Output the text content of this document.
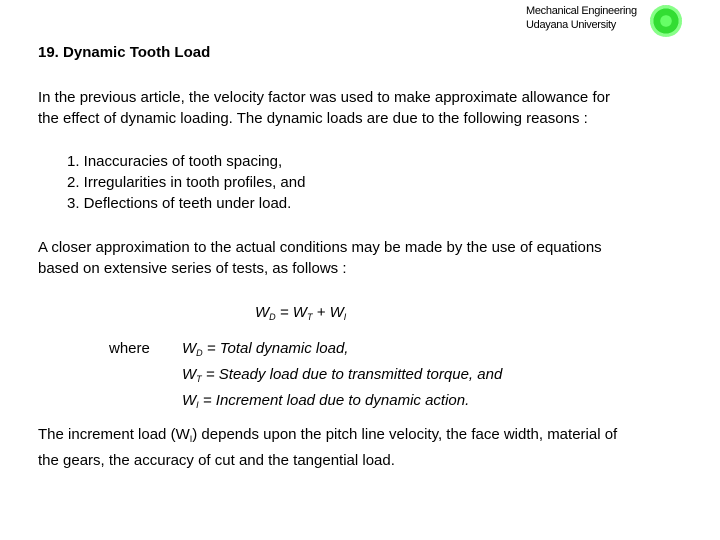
Mechanical Engineering
Udayana University
19. Dynamic Tooth Load
In the previous article, the velocity factor was used to make approximate allowance for
the effect of dynamic loading. The dynamic loads are due to the following reasons :
1. Inaccuracies of tooth spacing,
2. Irregularities in tooth profiles, and
3. Deflections of teeth under load.
A closer approximation to the actual conditions may be made by the use of equations
based on extensive series of tests, as follows :
$W_D = W_T + W_I$
where $W_D$ = Total dynamic load,
$W_T$ = Steady load due to transmitted torque, and
$W_I$ = Increment load due to dynamic action.
The increment load $(W_I)$ depends upon the pitch line velocity, the face width, material of
the gears, the accuracy of cut and the tangential load.
